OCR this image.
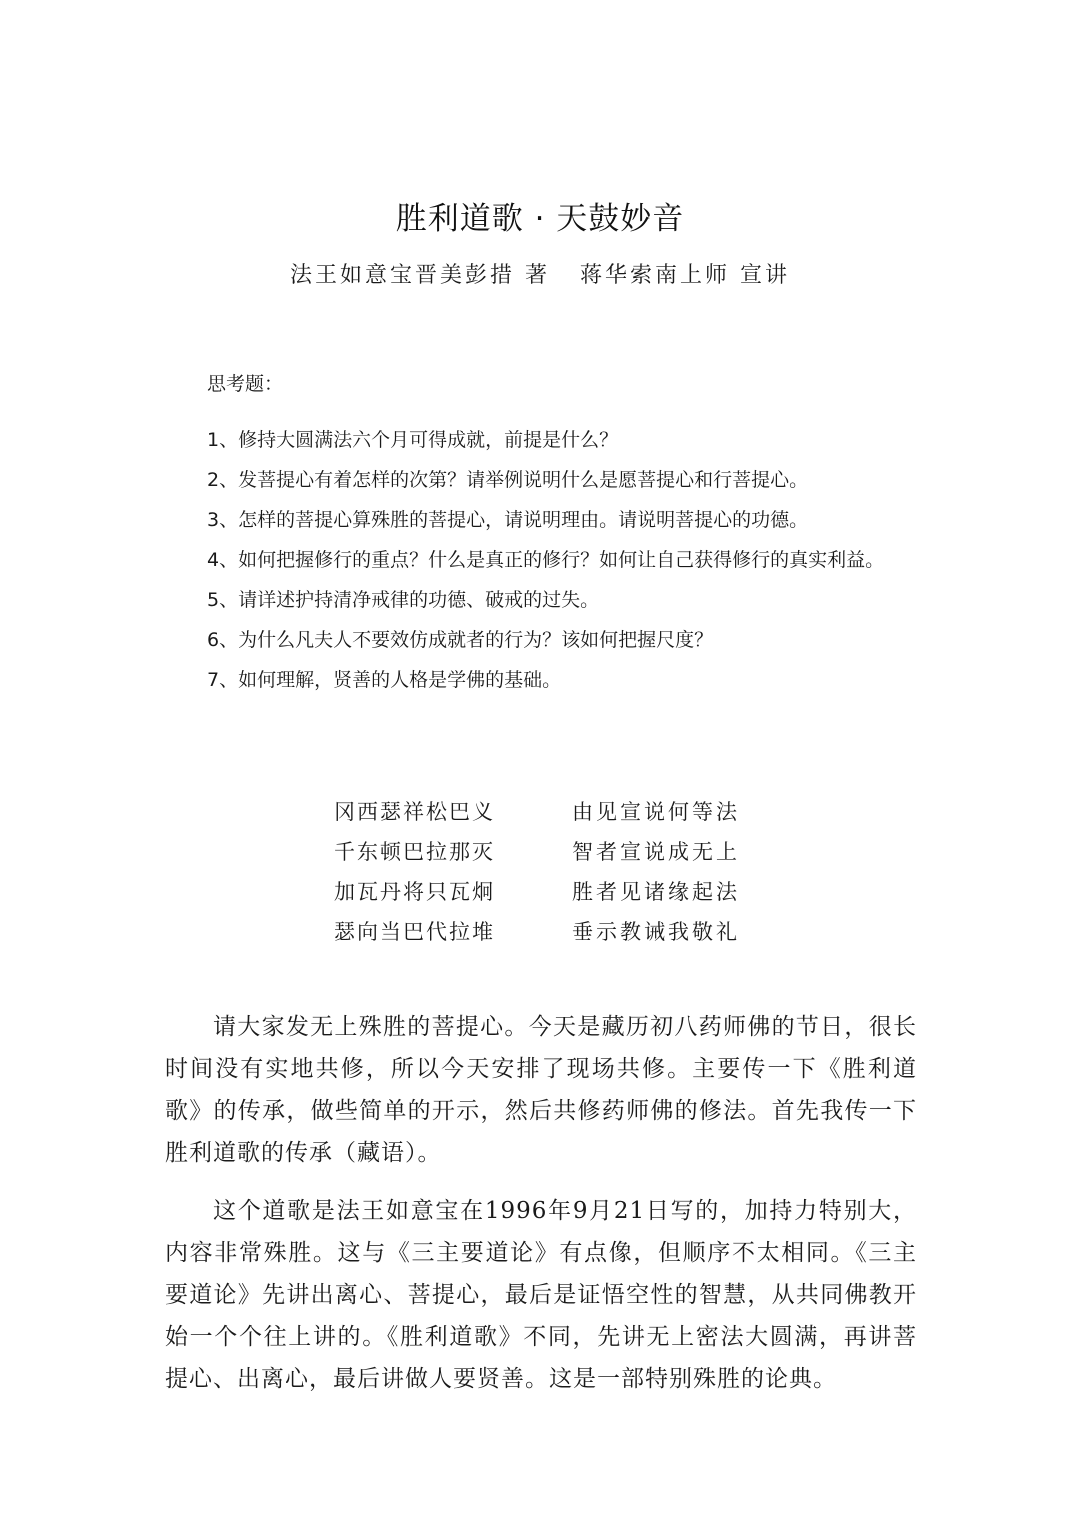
胜利道歌 · 天鼓妙音
法王如意宝晋美彭措 著 蒋华索南上师 宣讲
思考题：

1、修持大圆满法六个月可得成就，前提是什么？

2、发菩提心有着怎样的次第？请举例说明什么是愿菩提心和行菩提心。

3、怎样的菩提心算殊胜的菩提心，请说明理由。请说明菩提心的功德。

4、如何把握修行的重点？什么是真正的修行？如何让自己获得修行的真实利益。

5、请详述护持清净戒律的功德、破戒的过失。

6、为什么凡夫人不要效仿成就者的行为？该如何把握尺度？

7、如何理解，贤善的人格是学佛的基础。

冈西瑟祥松巴义	由见宣说何等法
千东顿巴拉那灭	智者宣说成无上
加瓦丹将只瓦炯	胜者见诸缘起法
瑟向当巴代拉堆	垂示教诫我敬礼

请大家发无上殊胜的菩提心。今天是藏历初八药师佛的节日，很长时间没有实地共修，所以今天安排了现场共修。主要传一下《胜利道歌》的传承，做些简单的开示，然后共修药师佛的修法。首先我传一下胜利道歌的传承（藏语）。

这个道歌是法王如意宝在1996年9月21日写的，加持力特别大，内容非常殊胜。这与《三主要道论》有点像，但顺序不太相同。《三主要道论》先讲出离心、菩提心，最后是证悟空性的智慧，从共同佛教开始一个个往上讲的。《胜利道歌》不同，先讲无上密法大圆满，再讲菩提心、出离心，最后讲做人要贤善。这是一部特别殊胜的论典。
